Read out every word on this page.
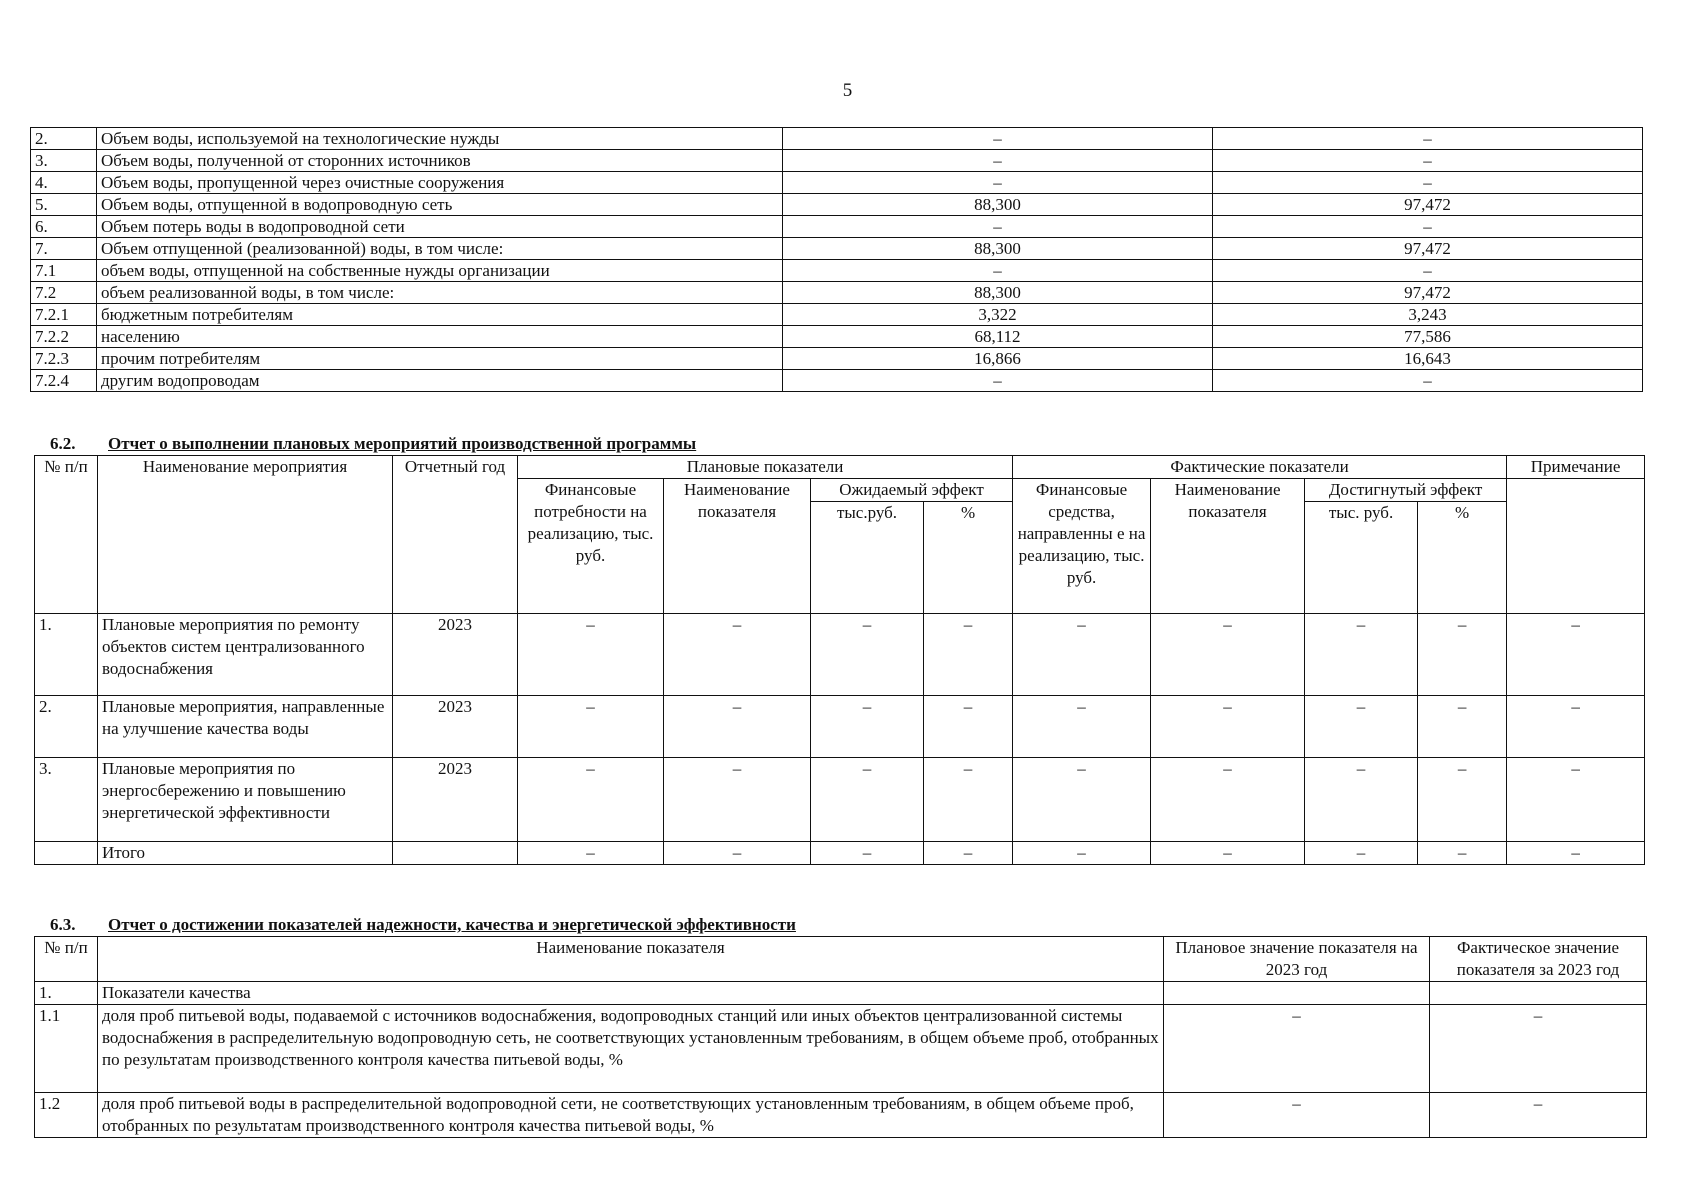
5
2.	Объем воды, используемой на технологические нужды	–	–
3.	Объем воды, полученной от сторонних источников	–	–
4.	Объем воды, пропущенной через очистные сооружения	–	–
5.	Объем воды, отпущенной в водопроводную сеть	88,300	97,472
6.	Объем потерь воды в водопроводной сети	–	–
7.	Объем отпущенной (реализованной) воды, в том числе:	88,300	97,472
7.1	объем воды, отпущенной на собственные нужды организации	–	–
7.2	объем реализованной воды, в том числе:	88,300	97,472
7.2.1	бюджетным потребителям	3,322	3,243
7.2.2	населению	68,112	77,586
7.2.3	прочим потребителям	16,866	16,643
7.2.4	другим водопроводам	–	–
6.2. Отчет о выполнении плановых мероприятий производственной программы
№ п/п	Наименование мероприятия	Отчетный год	Плановые показатели				Фактические показатели				Примечание
			Финансовые потребности на реализацию, тыс. руб.	Наименование показателя	Ожидаемый эффект		Финансовые средства, направленны е на реализацию, тыс. руб.	Наименование показателя	Достигнутый эффект		
					тыс.руб.	%			тыс. руб.	%	
1.	Плановые мероприятия по ремонту объектов систем централизованного водоснабжения	2023	–	–	–	–	–	–	–	–	–
2.	Плановые мероприятия, направленные на улучшение качества воды	2023	–	–	–	–	–	–	–	–	–
3.	Плановые мероприятия по энергосбережению и повышению энергетической эффективности	2023	–	–	–	–	–	–	–	–	–
	Итого		–	–	–	–	–	–	–	–	–
6.3. Отчет о достижении показателей надежности, качества и энергетической эффективности
№ п/п	Наименование показателя	Плановое значение показателя на 2023 год	Фактическое значение показателя за 2023 год
1.	Показатели качества		
1.1	доля проб питьевой воды, подаваемой с источников водоснабжения, водопроводных станций или иных объектов централизованной системы водоснабжения в распределительную водопроводную сеть, не соответствующих установленным требованиям, в общем объеме проб, отобранных по результатам производственного контроля качества питьевой воды, %	–	–
1.2	доля проб питьевой воды в распределительной водопроводной сети, не соответствующих установленным требованиям, в общем объеме проб, отобранных по результатам производственного контроля качества питьевой воды, %	–	–
